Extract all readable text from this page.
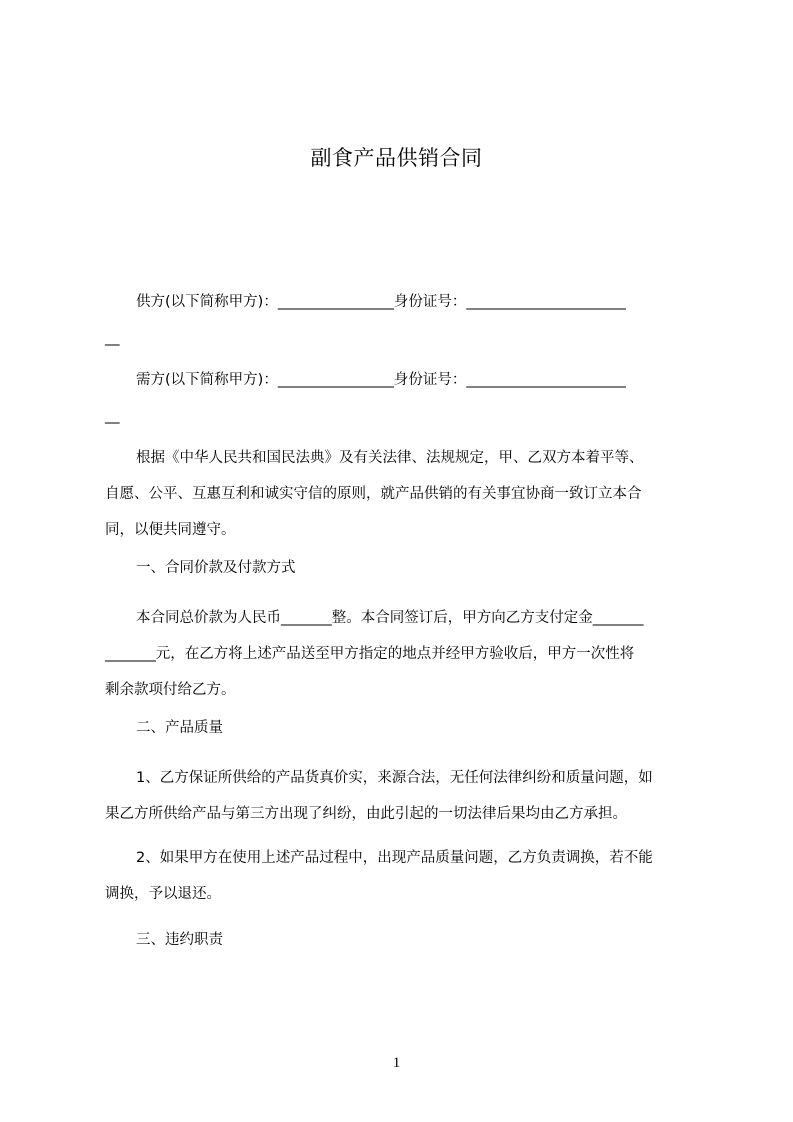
副食产品供销合同
供方(以下简称甲方)：________________身份证号：______________________
__
需方(以下简称甲方)：________________身份证号：______________________
__
根据《中华人民共和国民法典》及有关法律、法规规定，甲、乙双方本着平等、
自愿、公平、互惠互利和诚实守信的原则，就产品供销的有关事宜协商一致订立本合
同，以便共同遵守。
一、合同价款及付款方式
本合同总价款为人民币_______整。本合同签订后，甲方向乙方支付定金_______
_______元，在乙方将上述产品送至甲方指定的地点并经甲方验收后，甲方一次性将
剩余款项付给乙方。
二、产品质量
1、乙方保证所供给的产品货真价实，来源合法，无任何法律纠纷和质量问题，如
果乙方所供给产品与第三方出现了纠纷，由此引起的一切法律后果均由乙方承担。
2、如果甲方在使用上述产品过程中，出现产品质量问题，乙方负责调换，若不能
调换，予以退还。
三、违约职责
1
